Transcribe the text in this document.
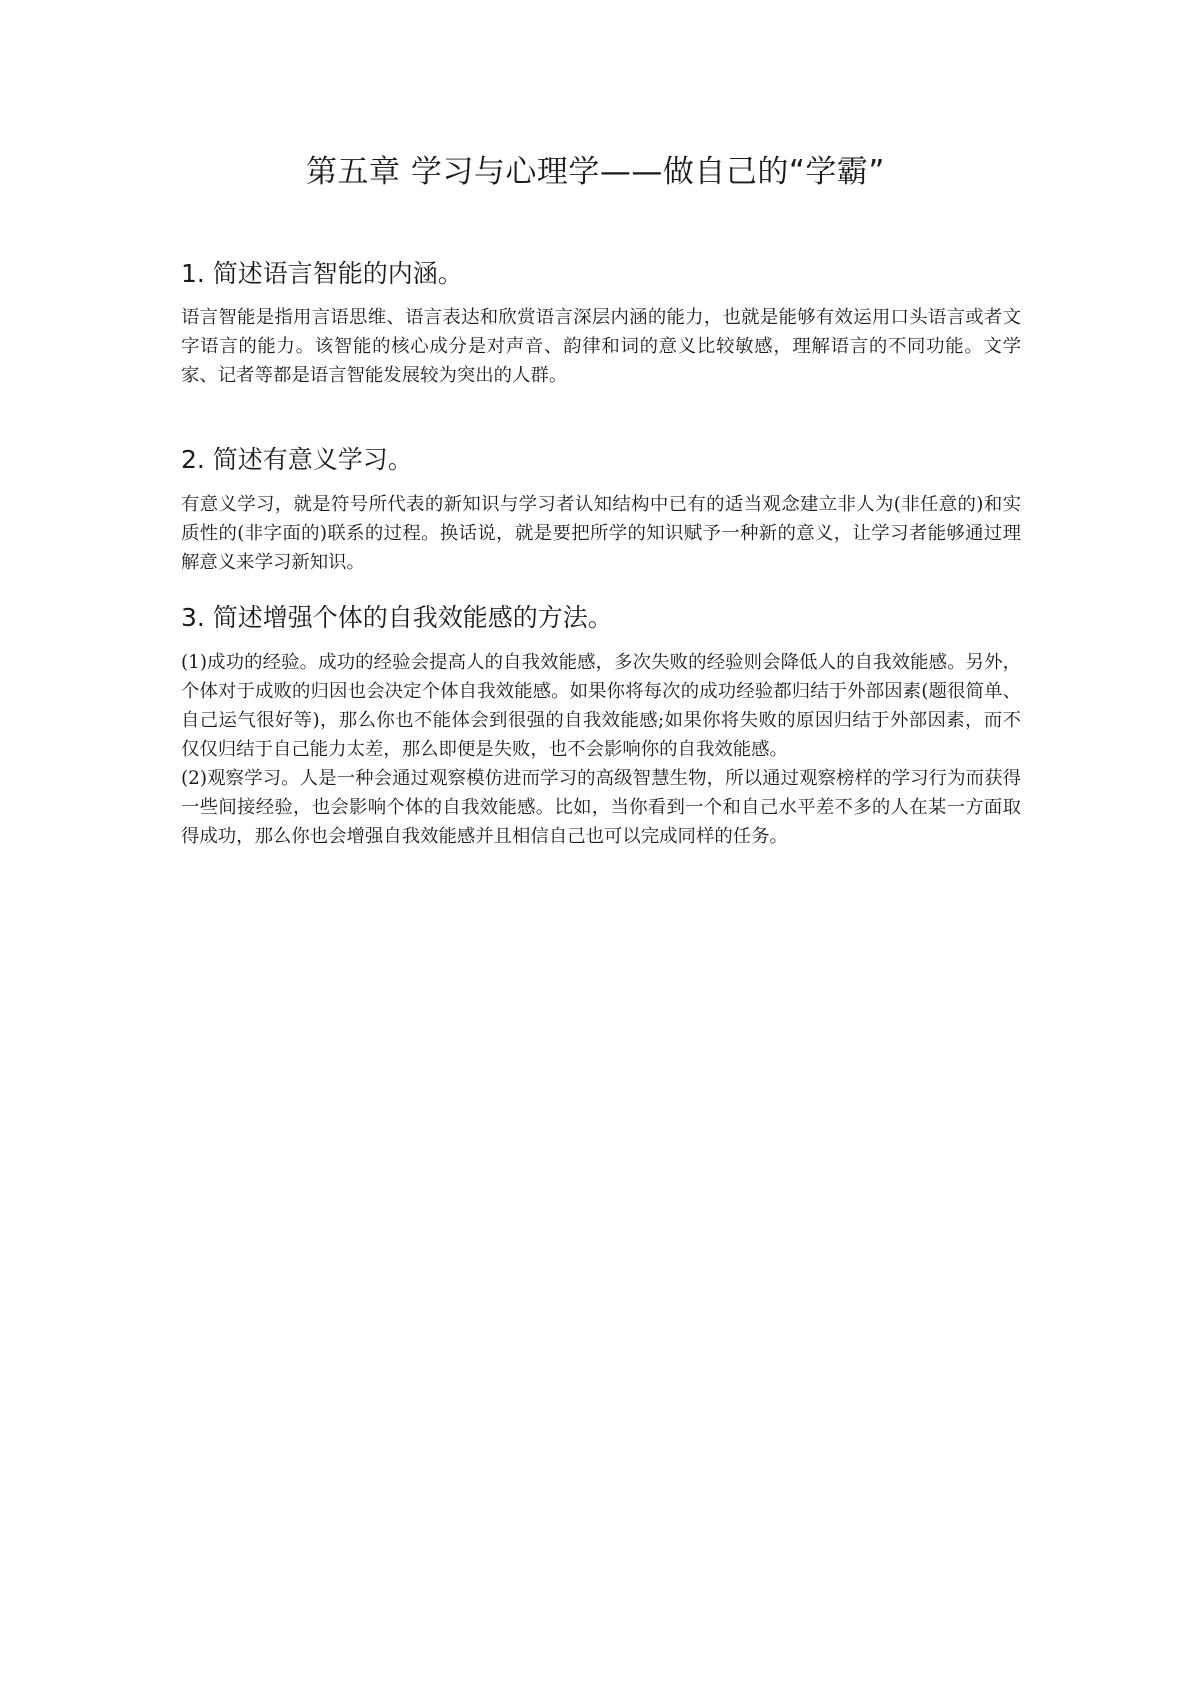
第五章 学习与心理学——做自己的“学霸”
1. 简述语言智能的内涵。

语言智能是指用言语思维、语言表达和欣赏语言深层内涵的能力，也就是能够有效运用口头语言或者文字语言的能力。该智能的核心成分是对声音、韵律和词的意义比较敏感，理解语言的不同功能。文学家、记者等都是语言智能发展较为突出的人群。

2. 简述有意义学习。

有意义学习，就是符号所代表的新知识与学习者认知结构中已有的适当观念建立非人为(非任意的)和实质性的(非字面的)联系的过程。换话说，就是要把所学的知识赋予一种新的意义，让学习者能够通过理解意义来学习新知识。

3. 简述增强个体的自我效能感的方法。

(1)成功的经验。成功的经验会提高人的自我效能感，多次失败的经验则会降低人的自我效能感。另外，个体对于成败的归因也会决定个体自我效能感。如果你将每次的成功经验都归结于外部因素(题很简单、自己运气很好等)，那么你也不能体会到很强的自我效能感;如果你将失败的原因归结于外部因素，而不仅仅归结于自己能力太差，那么即便是失败，也不会影响你的自我效能感。

(2)观察学习。人是一种会通过观察模仿进而学习的高级智慧生物，所以通过观察榜样的学习行为而获得一些间接经验，也会影响个体的自我效能感。比如，当你看到一个和自己水平差不多的人在某一方面取得成功，那么你也会增强自我效能感并且相信自己也可以完成同样的任务。
